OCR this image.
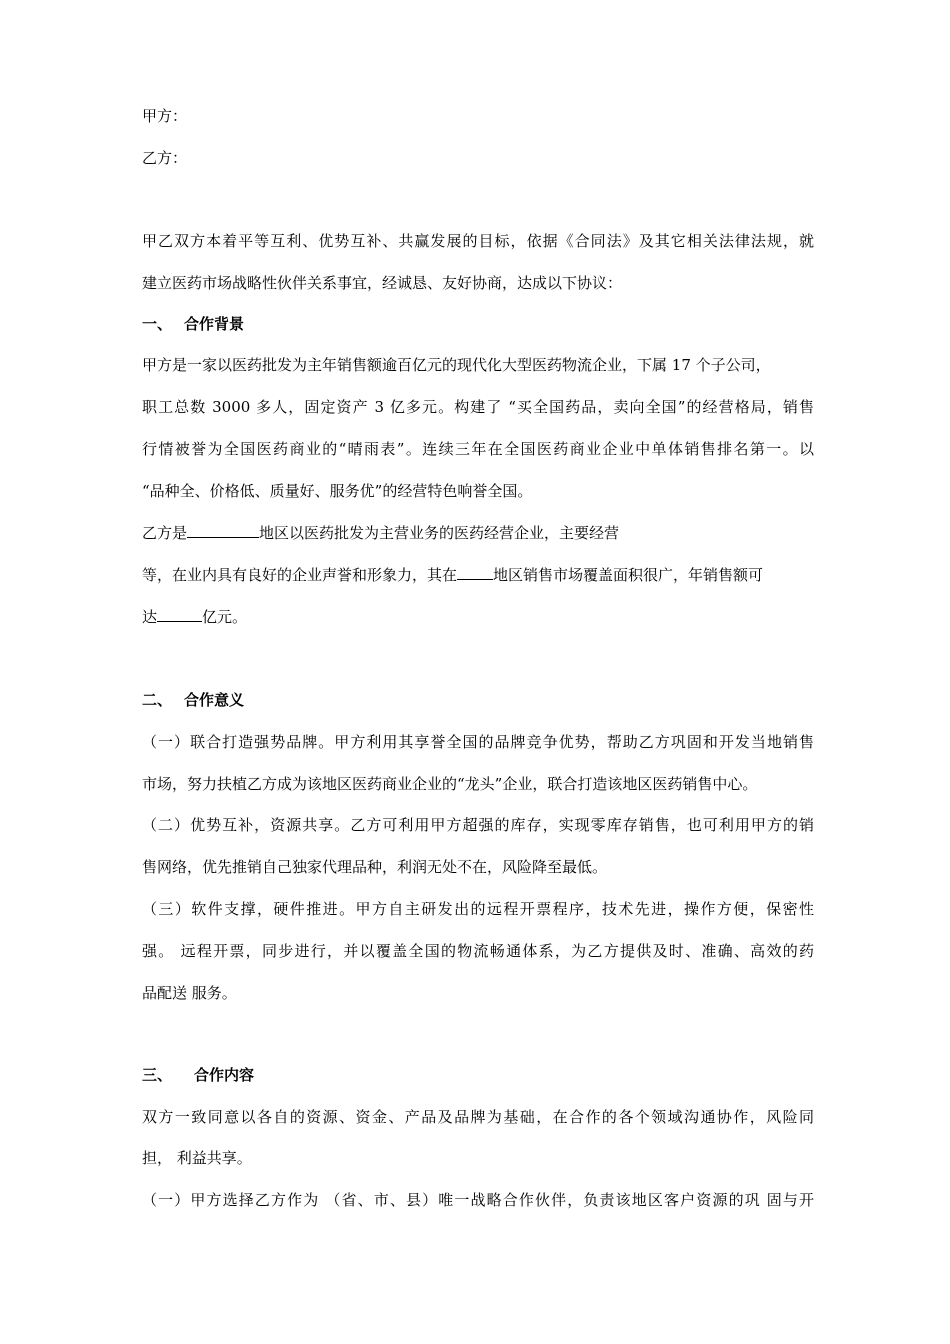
甲方：
乙方：
甲乙双方本着平等互利、优势互补、共赢发展的目标，依据《合同法》及其它相关法律法规，就
建立医药市场战略性伙伴关系事宜，经诚恳、友好协商，达成以下协议：
一、 合作背景
甲方是一家以医药批发为主年销售额逾百亿元的现代化大型医药物流企业，下属 17 个子公司，
职工总数 3000 多人，固定资产 3 亿多元。构建了 “买全国药品，卖向全国”的经营格局，销售
行情被誉为全国医药商业的“晴雨表”。连续三年在全国医药商业企业中单体销售排名第一。以
“品种全、价格低、质量好、服务优”的经营特色响誉全国。
乙方是	地区以医药批发为主营业务的医药经营企业，主要经营
等，在业内具有良好的企业声誉和形象力，其在 地区销售市场覆盖面积很广，年销售额可
达	亿元。
二、 合作意义
（一）联合打造强势品牌。甲方利用其享誉全国的品牌竞争优势，帮助乙方巩固和开发当地销售
市场，努力扶植乙方成为该地区医药商业企业的“龙头”企业，联合打造该地区医药销售中心。
（二）优势互补，资源共享。乙方可利用甲方超强的库存，实现零库存销售，也可利用甲方的销
售网络，优先推销自己独家代理品种，利润无处不在，风险降至最低。
（三）软件支撑，硬件推进。甲方自主研发出的远程开票程序，技术先进，操作方便，保密性
强。 远程开票，同步进行，并以覆盖全国的物流畅通体系，为乙方提供及时、准确、高效的药
品配送 服务。
三、 合作内容
双方一致同意以各自的资源、资金、产品及品牌为基础，在合作的各个领域沟通协作，风险同
担， 利益共享。
（一）甲方选择乙方作为 （省、市、县）唯一战略合作伙伴，负责该地区客户资源的巩 固与开
